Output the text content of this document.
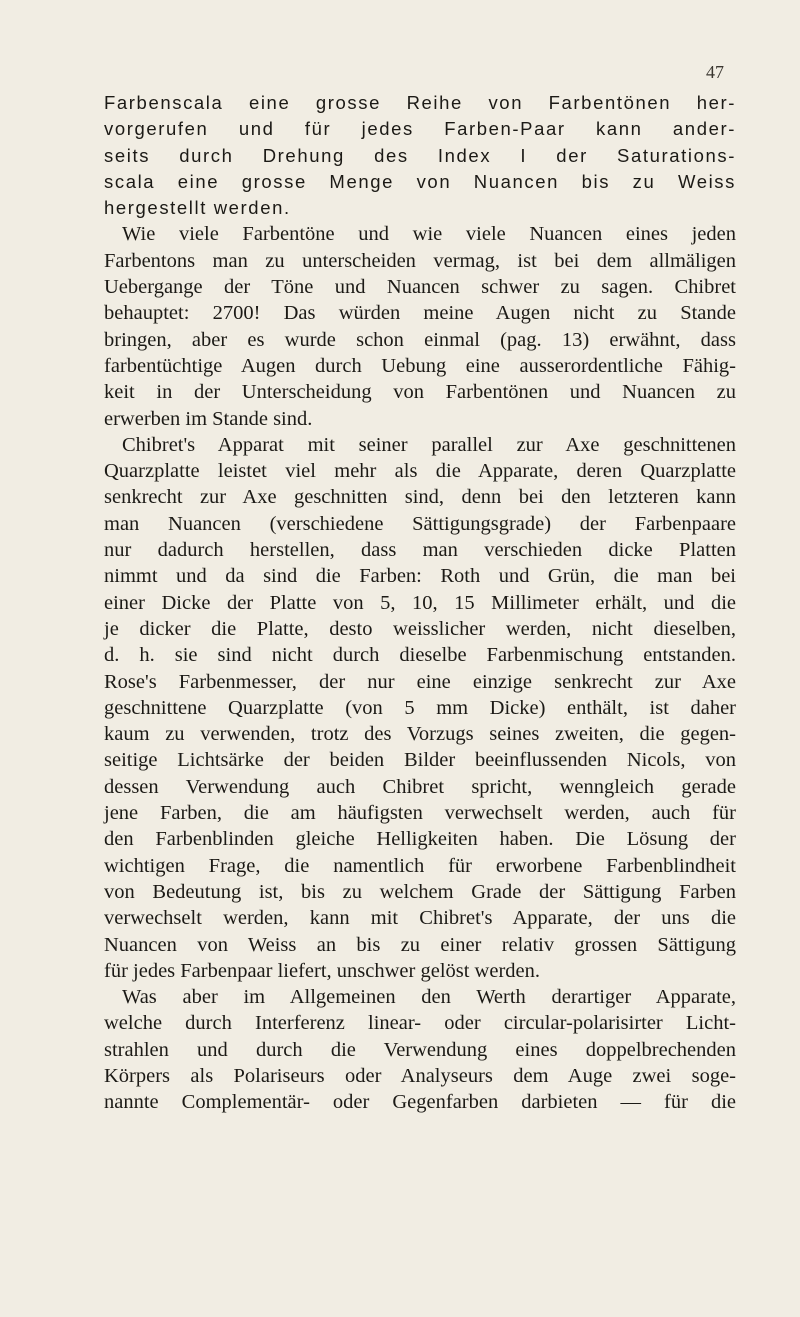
47
Farbenscala eine grosse Reihe von Farbentönen her-
vorgerufen und für jedes Farben-Paar kann ander-
seits durch Drehung des Index I der Saturations-
scala eine grosse Menge von Nuancen bis zu Weiss
hergestellt werden.
Wie viele Farbentöne und wie viele Nuancen eines jeden
Farbentons man zu unterscheiden vermag, ist bei dem allmäligen
Uebergange der Töne und Nuancen schwer zu sagen. Chibret
behauptet: 2700! Das würden meine Augen nicht zu Stande
bringen, aber es wurde schon einmal (pag. 13) erwähnt, dass
farbentüchtige Augen durch Uebung eine ausserordentliche Fähig-
keit in der Unterscheidung von Farbentönen und Nuancen zu
erwerben im Stande sind.
Chibret's Apparat mit seiner parallel zur Axe geschnittenen
Quarzplatte leistet viel mehr als die Apparate, deren Quarzplatte
senkrecht zur Axe geschnitten sind, denn bei den letzteren kann
man Nuancen (verschiedene Sättigungsgrade) der Farbenpaare
nur dadurch herstellen, dass man verschieden dicke Platten
nimmt und da sind die Farben: Roth und Grün, die man bei
einer Dicke der Platte von 5, 10, 15 Millimeter erhält, und die
je dicker die Platte, desto weisslicher werden, nicht dieselben,
d. h. sie sind nicht durch dieselbe Farbenmischung entstanden.
Rose's Farbenmesser, der nur eine einzige senkrecht zur Axe
geschnittene Quarzplatte (von 5 mm Dicke) enthält, ist daher
kaum zu verwenden, trotz des Vorzugs seines zweiten, die gegen-
seitige Lichtsärke der beiden Bilder beeinflussenden Nicols, von
dessen Verwendung auch Chibret spricht, wenngleich gerade
jene Farben, die am häufigsten verwechselt werden, auch für
den Farbenblinden gleiche Helligkeiten haben. Die Lösung der
wichtigen Frage, die namentlich für erworbene Farbenblindheit
von Bedeutung ist, bis zu welchem Grade der Sättigung Farben
verwechselt werden, kann mit Chibret's Apparate, der uns die
Nuancen von Weiss an bis zu einer relativ grossen Sättigung
für jedes Farbenpaar liefert, unschwer gelöst werden.
Was aber im Allgemeinen den Werth derartiger Apparate,
welche durch Interferenz linear- oder circular-polarisirter Licht-
strahlen und durch die Verwendung eines doppelbrechenden
Körpers als Polariseurs oder Analyseurs dem Auge zwei soge-
nannte Complementär- oder Gegenfarben darbieten — für die
